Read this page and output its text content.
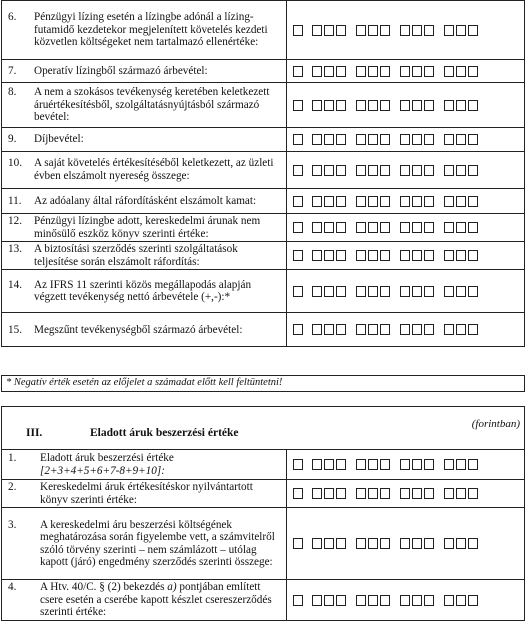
6. Pénzügyi lízing esetén a lízingbe adónál a lízing-futamidő kezdetekor megjelenített követelés kezdeti közvetlen költségeket nem tartalmazó ellenértéke:	

7. Operatív lízingből származó árbevétel:	

8. A nem a szokásos tevékenység keretében keletkezett áruértékesítésből, szolgáltatásnyújtásból származó bevétel:	

9. Díjbevétel:	

10. A saját követelés értékesítéséből keletkezett, az üzleti évben elszámolt nyereség összege:	

11. Az adóalany által ráfordításként elszámolt kamat:	

12. Pénzügyi lízingbe adott, kereskedelmi árunak nem minősülő eszköz könyv szerinti értéke:	

13. A biztosítási szerződés szerinti szolgáltatások teljesítése során elszámolt ráfordítás:	

14. Az IFRS 11 szerinti közös megállapodás alapján végzett tevékenység nettó árbevétele (+,-):*	

15. Megszűnt tevékenységből származó árbevétel:	

* Negatív érték esetén az előjelet a számadat előtt kell feltüntetni!
III.	Eladott áruk beszerzési értéke
(forintban)
1. Eladott áruk beszerzési értéke
[2+3+4+5+6+7-8+9+10]:	

2. Kereskedelmi áruk értékesítéskor nyilvántartott könyv szerinti értéke:	

3. A kereskedelmi áru beszerzési költségének meghatározása során figyelembe vett, a számvitelről szóló törvény szerinti – nem számlázott – utólag kapott (járó) engedmény szerződés szerinti összege:	

4. A Htv. 40/C. § (2) bekezdés a) pontjában említett csere esetén a cserébe kapott készlet csereszerződés szerinti értéke:	
